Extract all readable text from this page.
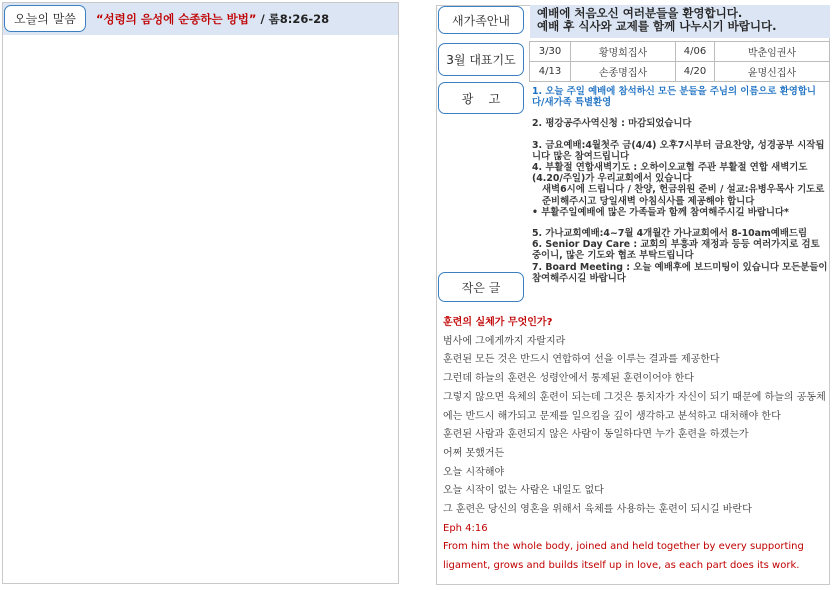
오늘의 말씀 “성령의 음성에 순종하는 방법” / 롬8:26-28	예배에 처음오신 여러분들을 환영합니다.
예배 후 식사와 교제를 함께 나누시기 바랍니다.
새가족안내
3월 대표기도
광    고
작은 글
3/30	황명희집사	4/06	박춘임권사
4/13	손종명집사	4/20	윤명신집사

1. 오늘 주일 예배에 참석하신 모든 분들을 주님의 이름으로 환영합니다/새가족 특별환영

2. 평강공주사역신청 : 마감되었습니다

3. 금요예배:4월첫주 금(4/4) 오후7시부터 금요찬양, 성경공부 시작됩니다 많은 참여드립니다

4. 부활절 연합새벽기도 : 오하이오교협 주관 부활절 연합 새벽기도(4.20/주일)가 우리교회에서 있습니다

새벽6시에 드립니다 / 찬양, 헌금위원 준비 / 설교:유병우목사 기도로 준비해주시고 당일새벽 아침식사를 제공해야 합니다

• 부활주일예배에 많은 가족들과 함께 참여해주시길 바랍니다*

5. 가나교회예배:4~7월 4개월간 가나교회에서 8-10am예배드림

6. Senior Day Care : 교회의 부흥과 재정과 등등 여러가지로 검토중이니, 많은 기도와 협조 부탁드립니다

7. Board Meeting : 오늘 예배후에 보드미팅이 있습니다 모든분들이 참여해주시길 바랍니다

훈련의 실체가 무엇인가?

범사에 그에게까지 자랄지라

훈련된 모든 것은 반드시 연합하여 선을 이루는 결과를 제공한다

그런데 하늘의 훈련은 성령안에서 통제된 훈련이어야 한다

그렇지 않으면 육체의 훈련이 되는데 그것은 통치자가 자신이 되기 때문에 하늘의 공동체에는 반드시 해가되고 문제를 일으킴을 깊이 생각하고 분석하고 대처해야 한다

훈련된 사람과 훈련되지 않은 사람이 동일하다면 누가 훈련을 하겠는가

어쩌 못했거든

오늘 시작해야

오늘 시작이 없는 사람은 내일도 없다

그 훈련은 당신의 영혼을 위해서 육체를 사용하는 훈련이 되시길 바란다

Eph 4:16

From him the whole body, joined and held together by every supporting ligament, grows and builds itself up in love, as each part does its work.
